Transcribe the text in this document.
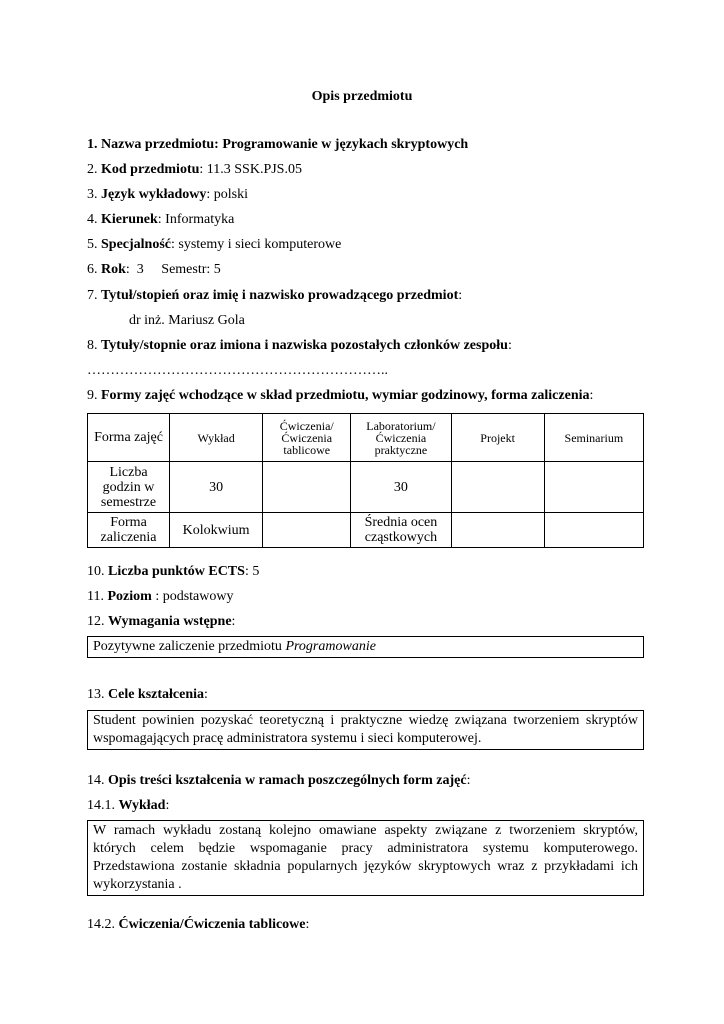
Opis przedmiotu
1. Nazwa przedmiotu: Programowanie w językach skryptowych
2. Kod przedmiotu: 11.3 SSK.PJS.05
3. Język wykładowy: polski
4. Kierunek: Informatyka
5. Specjalność: systemy i sieci komputerowe
6. Rok: 3 Semestr: 5
7. Tytuł/stopień oraz imię i nazwisko prowadzącego przedmiot:
dr inż. Mariusz Gola
8. Tytuły/stopnie oraz imiona i nazwiska pozostałych członków zespołu:
………………………………………………………..
9. Formy zajęć wchodzące w skład przedmiotu, wymiar godzinowy, forma zaliczenia:
Forma zajęć	Wykład	Ćwiczenia/ Ćwiczenia tablicowe	Laboratorium/ Ćwiczenia praktyczne	Projekt	Seminarium
Liczba godzin w semestrze	30		30		
Forma zaliczenia	Kolokwium		Średnia ocen cząstkowych		
10. Liczba punktów ECTS: 5
11. Poziom : podstawowy
12. Wymagania wstępne:
Pozytywne zaliczenie przedmiotu Programowanie
13. Cele kształcenia:
Student powinien pozyskać teoretyczną i praktyczne wiedzę związana tworzeniem skryptów wspomagających pracę administratora systemu i sieci komputerowej.
14. Opis treści kształcenia w ramach poszczególnych form zajęć:
14.1. Wykład:
W ramach wykładu zostaną kolejno omawiane aspekty związane z tworzeniem skryptów, których celem będzie wspomaganie pracy administratora systemu komputerowego. Przedstawiona zostanie składnia popularnych języków skryptowych wraz z przykładami ich wykorzystania .
14.2. Ćwiczenia/Ćwiczenia tablicowe:
